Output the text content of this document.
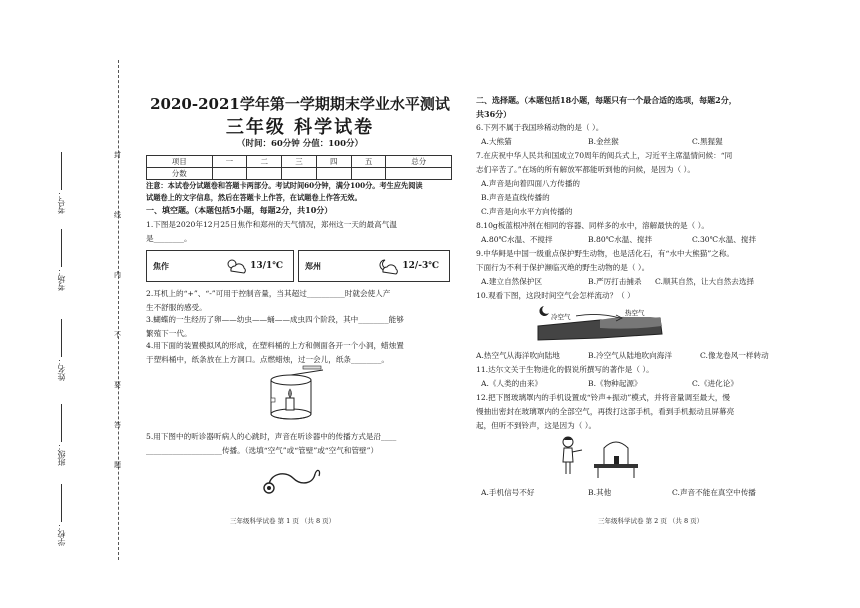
考号：
考场：
姓名：
班级：
学校：
封
线
内
不
要
答
题
2020-2021学年第一学期期末学业水平测试
三年级 科学试卷
（时间：60分钟 分值：100分）
项目	一	二	三	四	五	总分
分数						
注意：本试卷分试题卷和答题卡两部分。考试时间60分钟，满分100分。考生应先阅读
试题卷上的文字信息，然后在答题卡上作答，在试题卷上作答无效。
一、填空题。（本题包括5小题，每题2分，共10分）
1.下图是2020年12月25日焦作和郑州的天气情况，郑州这一天的最高气温
是________。
焦作	13/1℃	郑州	12/-3℃
2.耳机上的“+”、“-”可用于控制音量，当其超过__________时就会使人产
生不舒服的感受。
3.蝴蝶的一生经历了卵——幼虫——蛹——成虫四个阶段，其中________能够
繁殖下一代。
4.用下面的装置模拟风的形成，在塑料桶的上方和侧面各开一个小洞，蜡烛置
于塑料桶中，纸条放在上方洞口。点燃蜡烛，过一会儿，纸条________。
5.用下图中的听诊器听病人的心跳时，声音在听诊器中的传播方式是沿____
____________________传播。（选填“空气”或“管壁”或“空气和管壁”）
三年级科学试卷 第 1 页 （共 8 页）
二、选择题。（本题包括18小题，每题只有一个最合适的选项，每题2分，
共36分）
6.下列不属于我国珍稀动物的是（ ）。
A.大熊猫	B.金丝猴	C.黑猩猩
7.在庆祝中华人民共和国成立70周年的阅兵式上，习近平主席温情问候：“同
志们辛苦了。”在场的所有解放军都能听到他的问候，是因为（ ）。
A.声音是向着四面八方传播的
B.声音是直线传播的
C.声音是向水平方向传播的
8.10g板蓝根冲剂在相同的容器、同样多的水中，溶解最快的是（ ）。
A.80℃水温、不搅拌	B.80℃水温、搅拌	C.30℃水温、搅拌
9.中华鲟是中国一级重点保护野生动物，也是活化石，有“水中大熊猫”之称。
下面行为不利于保护濒临灭绝的野生动物的是（ ）。
A.建立自然保护区	B.严厉打击捕杀 C.顺其自然，让大自然去选择
10.观看下图，这段时间空气会怎样流动？（ ）
冷空气	热空气
A.热空气从海洋吹向陆地	B.冷空气从陆地吹向海洋	C.像龙卷风一样转动
11.达尔文关于生物进化的假说所撰写的著作是（ ）。
A.《人类的由来》	B.《物种起源》	C.《进化论》
12.把下图玻璃罩内的手机设置成“铃声+振动”模式，并将音量调至最大，慢
慢抽出密封在玻璃罩内的全部空气，再拨打这部手机，看到手机振动且屏幕亮
起，但听不到铃声，这是因为（ ）。
A.手机信号不好	B.其他	C.声音不能在真空中传播
三年级科学试卷 第 2 页 （共 8 页）
